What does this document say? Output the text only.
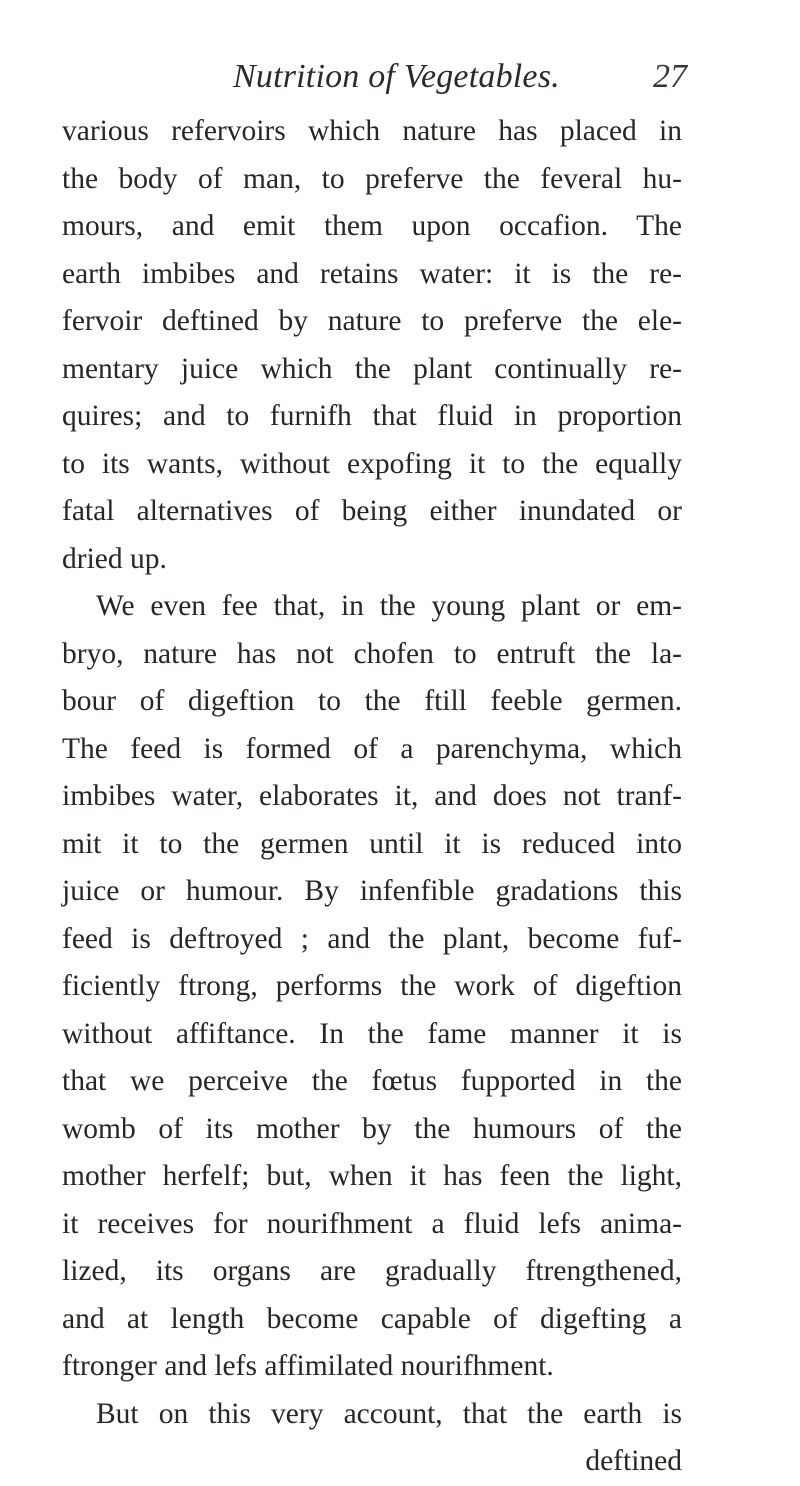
Nutrition of Vegetables.	27
various refervoirs which nature has placed in
the body of man, to preferve the feveral hu-
mours, and emit them upon occafion. The
earth imbibes and retains water: it is the re-
fervoir deftined by nature to preferve the ele-
mentary juice which the plant continually re-
quires; and to furnifh that fluid in proportion
to its wants, without expofing it to the equally
fatal alternatives of being either inundated or
dried up.
We even fee that, in the young plant or em-
bryo, nature has not chofen to entruft the la-
bour of digeftion to the ftill feeble germen.
The feed is formed of a parenchyma, which
imbibes water, elaborates it, and does not tranf-
mit it to the germen until it is reduced into
juice or humour. By infenfible gradations this
feed is deftroyed ; and the plant, become fuf-
ficiently ftrong, performs the work of digeftion
without affiftance. In the fame manner it is
that we perceive the fœtus fupported in the
womb of its mother by the humours of the
mother herfelf; but, when it has feen the light,
it receives for nourifhment a fluid lefs anima-
lized, its organs are gradually ftrengthened,
and at length become capable of digefting a
ftronger and lefs affimilated nourifhment.
But on this very account, that the earth is
deftined
